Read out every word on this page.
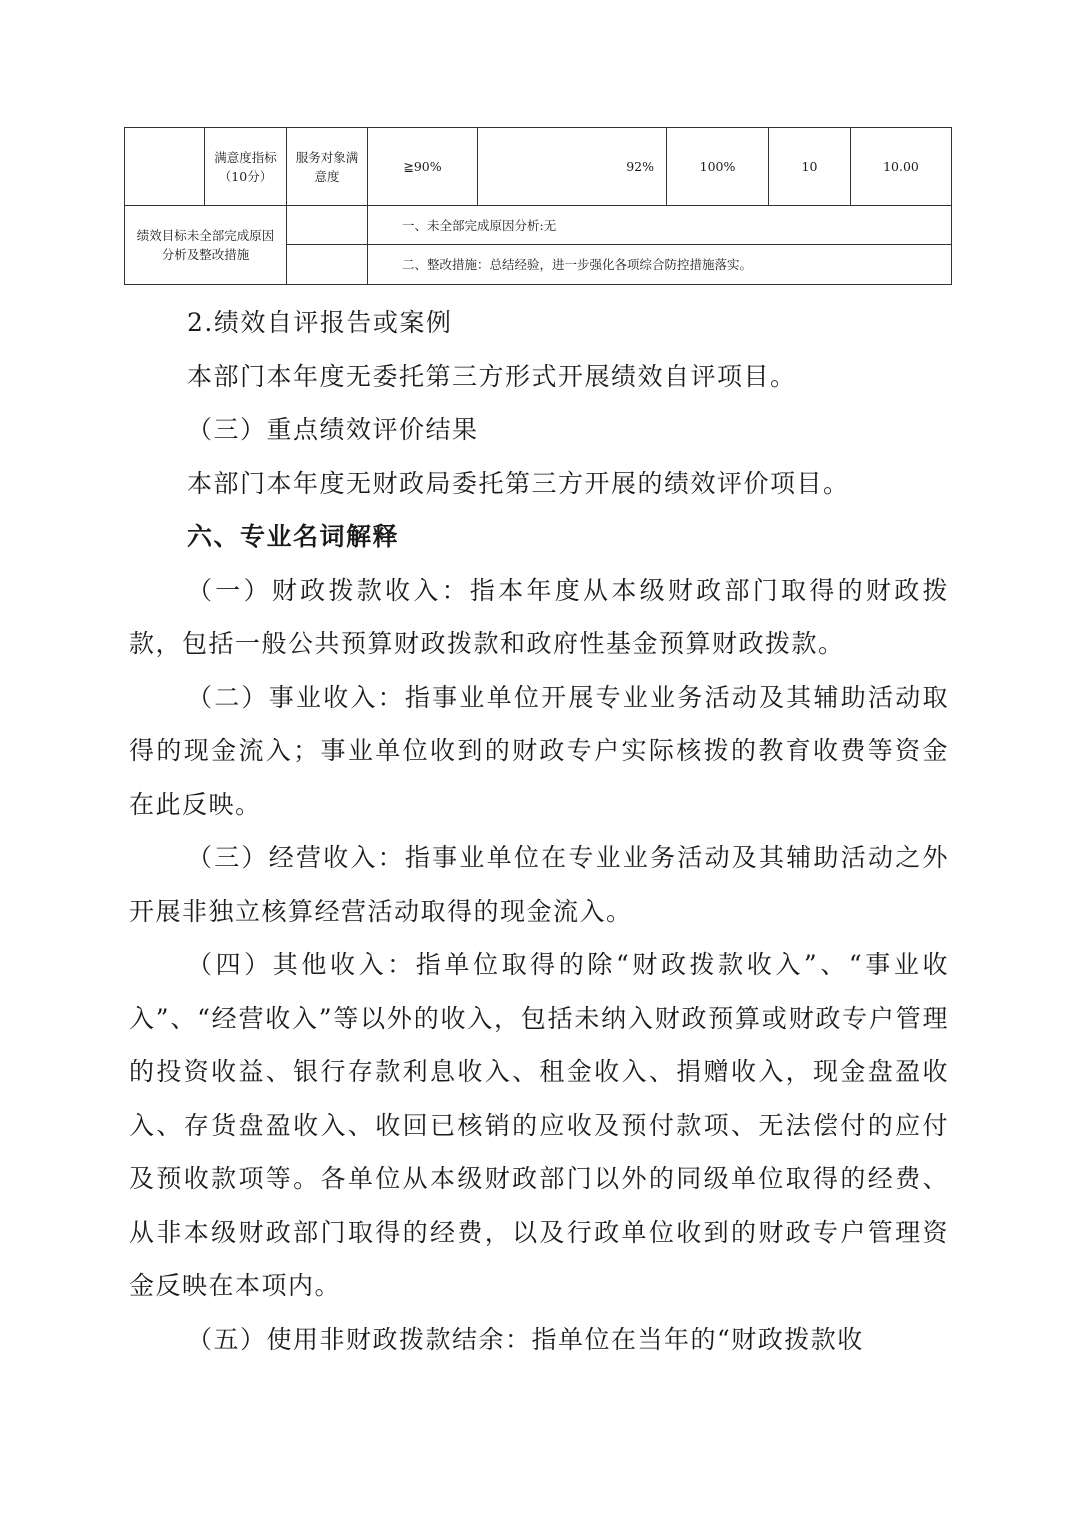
	满意度指标（10分）	服务对象满意度	≧90%	92%	100%	10	10.00
绩效目标未全部完成原因分析及整改措施			一、未全部完成原因分析:无				
			二、整改措施：总结经验，进一步强化各项综合防控措施落实。				

2.绩效自评报告或案例

本部门本年度无委托第三方形式开展绩效自评项目。

（三）重点绩效评价结果

本部门本年度无财政局委托第三方开展的绩效评价项目。

六、专业名词解释

（一）财政拨款收入：指本年度从本级财政部门取得的财政拨款，包括一般公共预算财政拨款和政府性基金预算财政拨款。

（二）事业收入：指事业单位开展专业业务活动及其辅助活动取得的现金流入；事业单位收到的财政专户实际核拨的教育收费等资金在此反映。

（三）经营收入：指事业单位在专业业务活动及其辅助活动之外开展非独立核算经营活动取得的现金流入。

（四）其他收入：指单位取得的除“财政拨款收入”、“事业收入”、“经营收入”等以外的收入，包括未纳入财政预算或财政专户管理的投资收益、银行存款利息收入、租金收入、捐赠收入，现金盘盈收入、存货盘盈收入、收回已核销的应收及预付款项、无法偿付的应付及预收款项等。各单位从本级财政部门以外的同级单位取得的经费、从非本级财政部门取得的经费，以及行政单位收到的财政专户管理资金反映在本项内。

（五）使用非财政拨款结余：指单位在当年的“财政拨款收
